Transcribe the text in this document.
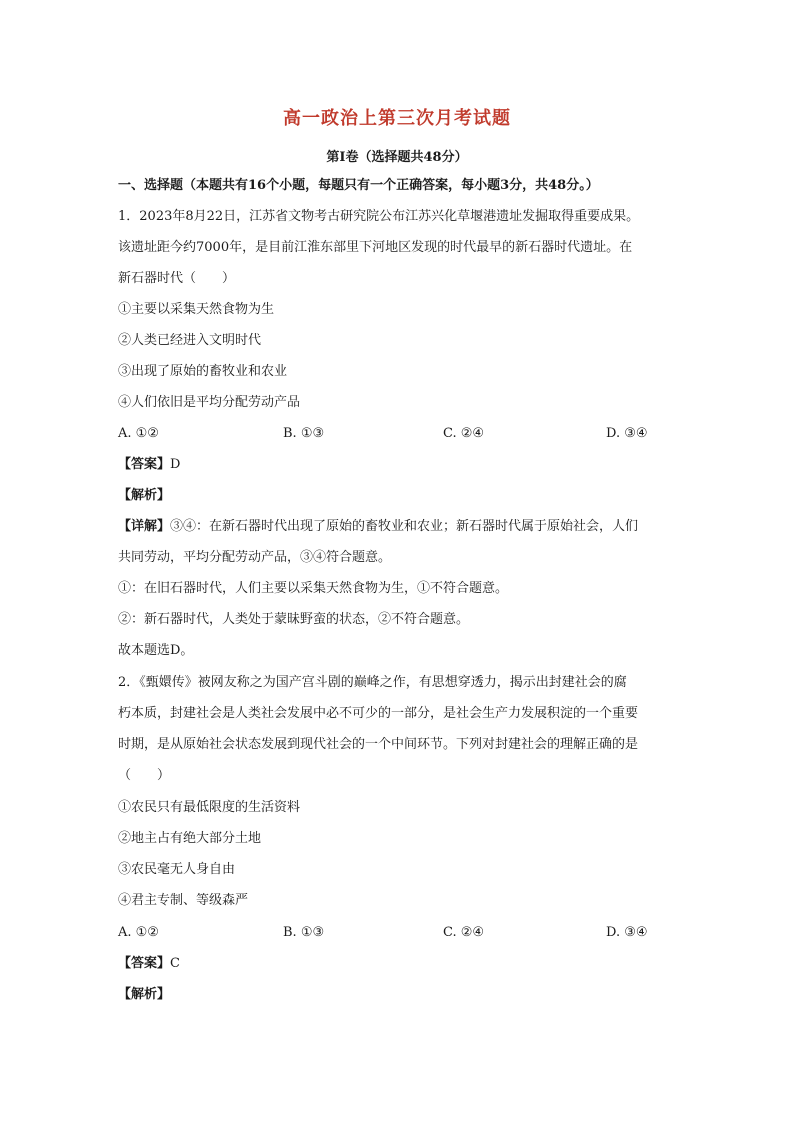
高一政治上第三次月考试题
第Ⅰ卷（选择题共48分）
一、选择题（本题共有16个小题，每题只有一个正确答案，每小题3分，共48分。）
1．2023年8月22日，江苏省文物考古研究院公布江苏兴化草堰港遗址发掘取得重要成果。
该遗址距今约7000年，是目前江淮东部里下河地区发现的时代最早的新石器时代遗址。在
新石器时代（　　）
①主要以采集天然食物为生
②人类已经进入文明时代
③出现了原始的畜牧业和农业
④人们依旧是平均分配劳动产品
A. ①②	B. ①③	C. ②④	D. ③④
【答案】D
【解析】
【详解】③④：在新石器时代出现了原始的畜牧业和农业；新石器时代属于原始社会，人们
共同劳动，平均分配劳动产品，③④符合题意。
①：在旧石器时代，人们主要以采集天然食物为生，①不符合题意。
②：新石器时代，人类处于蒙昧野蛮的状态，②不符合题意。
故本题选D。
2．《甄嬛传》被网友称之为国产宫斗剧的巅峰之作，有思想穿透力，揭示出封建社会的腐
朽本质，封建社会是人类社会发展中必不可少的一部分，是社会生产力发展积淀的一个重要
时期，是从原始社会状态发展到现代社会的一个中间环节。下列对封建社会的理解正确的是
（　　）
①农民只有最低限度的生活资料
②地主占有绝大部分土地
③农民毫无人身自由
④君主专制、等级森严
A. ①②	B. ①③	C. ②④	D. ③④
【答案】C
【解析】
